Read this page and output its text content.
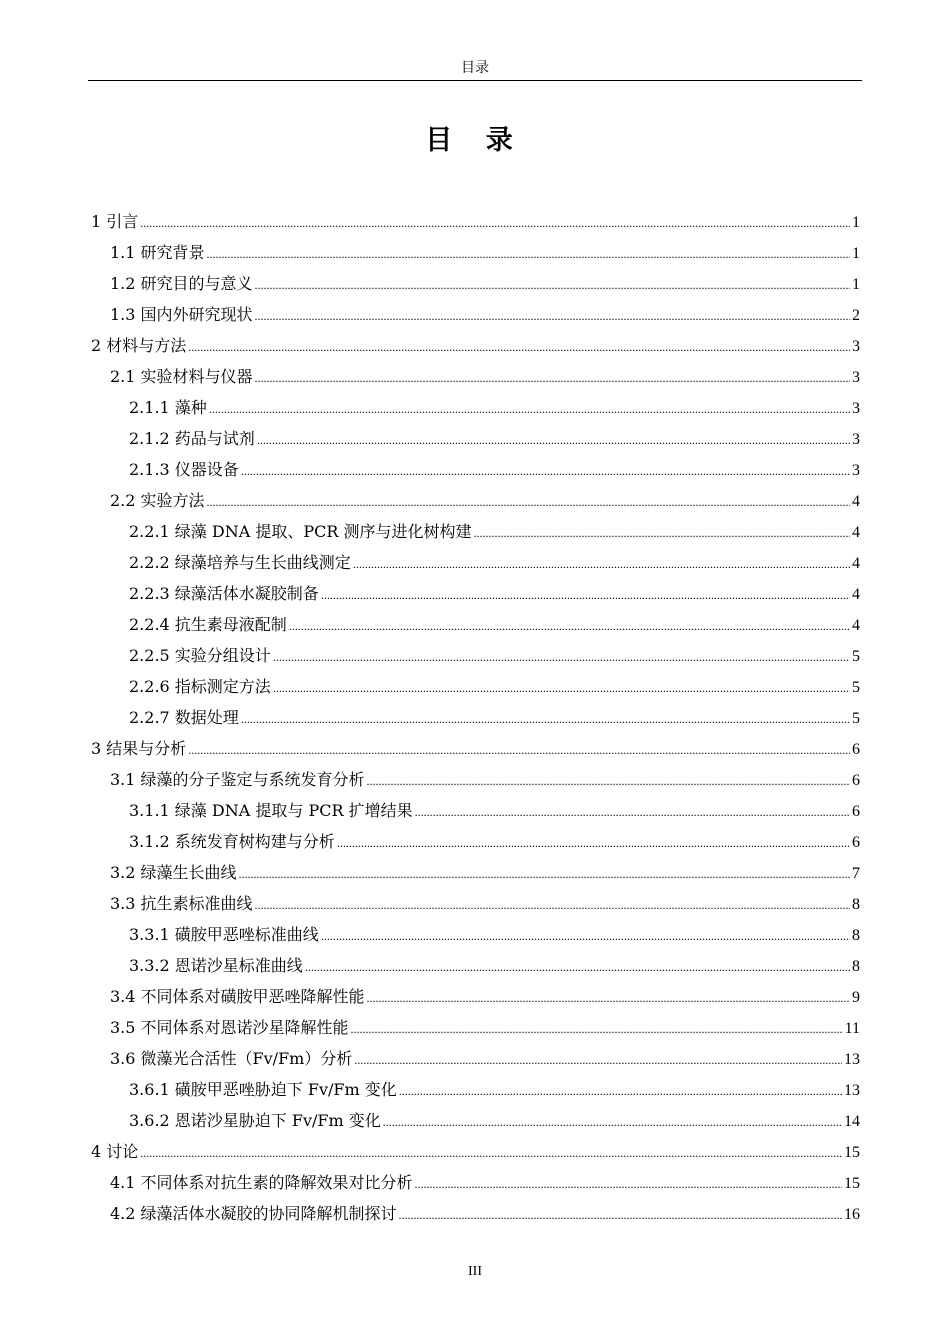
目录
目 录
1 引言 .....	1
1.1 研究背景 .....	1
1.2 研究目的与意义 .....	1
1.3 国内外研究现状 .....	2
2 材料与方法 .....	3
2.1 实验材料与仪器 .....	3
2.1.1 藻种 .....	3
2.1.2 药品与试剂 .....	3
2.1.3 仪器设备 .....	3
2.2 实验方法 .....	4
2.2.1 绿藻 DNA 提取、PCR 测序与进化树构建 .....	4
2.2.2 绿藻培养与生长曲线测定 .....	4
2.2.3 绿藻活体水凝胶制备 .....	4
2.2.4 抗生素母液配制 .....	4
2.2.5 实验分组设计 .....	5
2.2.6 指标测定方法 .....	5
2.2.7 数据处理 .....	5
3 结果与分析 .....	6
3.1 绿藻的分子鉴定与系统发育分析 .....	6
3.1.1 绿藻 DNA 提取与 PCR 扩增结果 .....	6
3.1.2 系统发育树构建与分析 .....	6
3.2 绿藻生长曲线 .....	7
3.3 抗生素标准曲线 .....	8
3.3.1 磺胺甲恶唑标准曲线 .....	8
3.3.2 恩诺沙星标准曲线 .....	8
3.4 不同体系对磺胺甲恶唑降解性能 .....	9
3.5 不同体系对恩诺沙星降解性能 .....	11
3.6 微藻光合活性（Fv/Fm）分析 .....	13
3.6.1 磺胺甲恶唑胁迫下 Fv/Fm 变化 .....	13
3.6.2 恩诺沙星胁迫下 Fv/Fm 变化 .....	14
4 讨论 .....	15
4.1 不同体系对抗生素的降解效果对比分析 .....	15
4.2 绿藻活体水凝胶的协同降解机制探讨 .....	16
III
